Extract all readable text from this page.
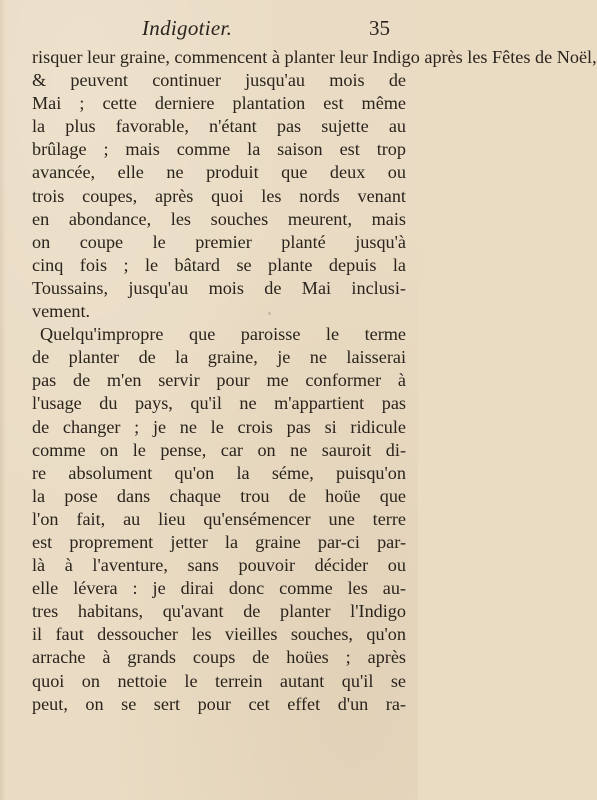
Indigotier.	35
risquer leur graine, commencent à planter leur Indigo après les Fêtes de Noël,
& peuvent continuer jusqu'au mois de
Mai ; cette derniere plantation est même
la plus favorable, n'étant pas sujette au
brûlage ; mais comme la saison est trop
avancée, elle ne produit que deux ou
trois coupes, après quoi les nords venant
en abondance, les souches meurent, mais
on coupe le premier planté jusqu'à
cinq fois ; le bâtard se plante depuis la
Toussains, jusqu'au mois de Mai inclusi-
vement.
Quelqu'impropre que paroisse le terme
de planter de la graine, je ne laisserai
pas de m'en servir pour me conformer à
l'usage du pays, qu'il ne m'appartient pas
de changer ; je ne le crois pas si ridicule
comme on le pense, car on ne sauroit di-
re absolument qu'on la séme, puisqu'on
la pose dans chaque trou de hoüe que
l'on fait, au lieu qu'ensémencer une terre
est proprement jetter la graine par-ci par-
là à l'aventure, sans pouvoir décider ou
elle lévera : je dirai donc comme les au-
tres habitans, qu'avant de planter l'Indigo
il faut dessoucher les vieilles souches, qu'on
arrache à grands coups de hoües ; après
quoi on nettoie le terrein autant qu'il se
peut, on se sert pour cet effet d'un ra-
